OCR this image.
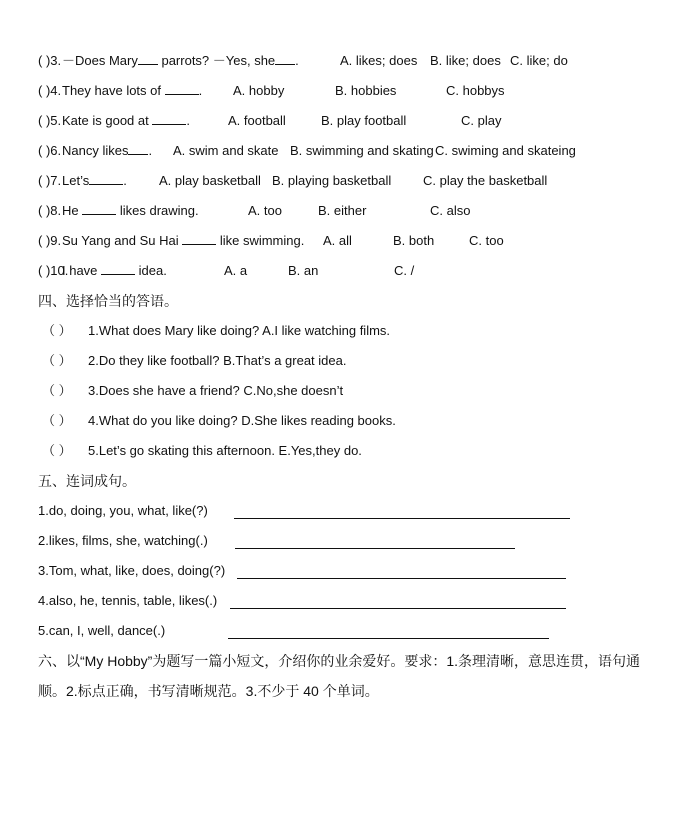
( )3. －Does Mary parrots? －Yes, she .	A. likes; does B. like; does C. like; do
( )4. They have lots of	. A. hobby	B. hobbies	C. hobbys
( )5. Kate is good at	.	A. football	B. play football	C. play
( )6. Nancy likes . A. swim and skate B. swimming and skating C. swiming and skateing
( )7. Let’s	. A. play basketball B. playing basketball C. play the basketball
( )8. He	likes drawing.	A. too	B. either	C. also
( )9. Su Yang and Su Hai	like swimming. A. all	B. both	C. too
( )10.
I have	idea.	A. a	B. an	C. /
四、选择恰当的答语。
（ ） 1.What does Mary like doing? A.I like watching films.
（ ） 2.Do they like football? B.That’s a great idea.
（ ） 3.Does she have a friend? C.No,she doesn’t
（ ） 4.What do you like doing? D.She likes reading books.
（ ） 5.Let’s go skating this afternoon. E.Yes,they do.
五、连词成句。
1.do, doing, you, what, like(?)
2.likes, films, she, watching(.)
3.Tom, what, like, does, doing(?)
4.also, he, tennis, table, likes(.)
5.can, I, well, dance(.)
六、以“My Hobby”为题写一篇小短文，介绍你的业余爱好。要求：1.条理清晰，意思连贯，语句通顺。2.标点正确，书写清晰规范。3.不少于 40 个单词。
